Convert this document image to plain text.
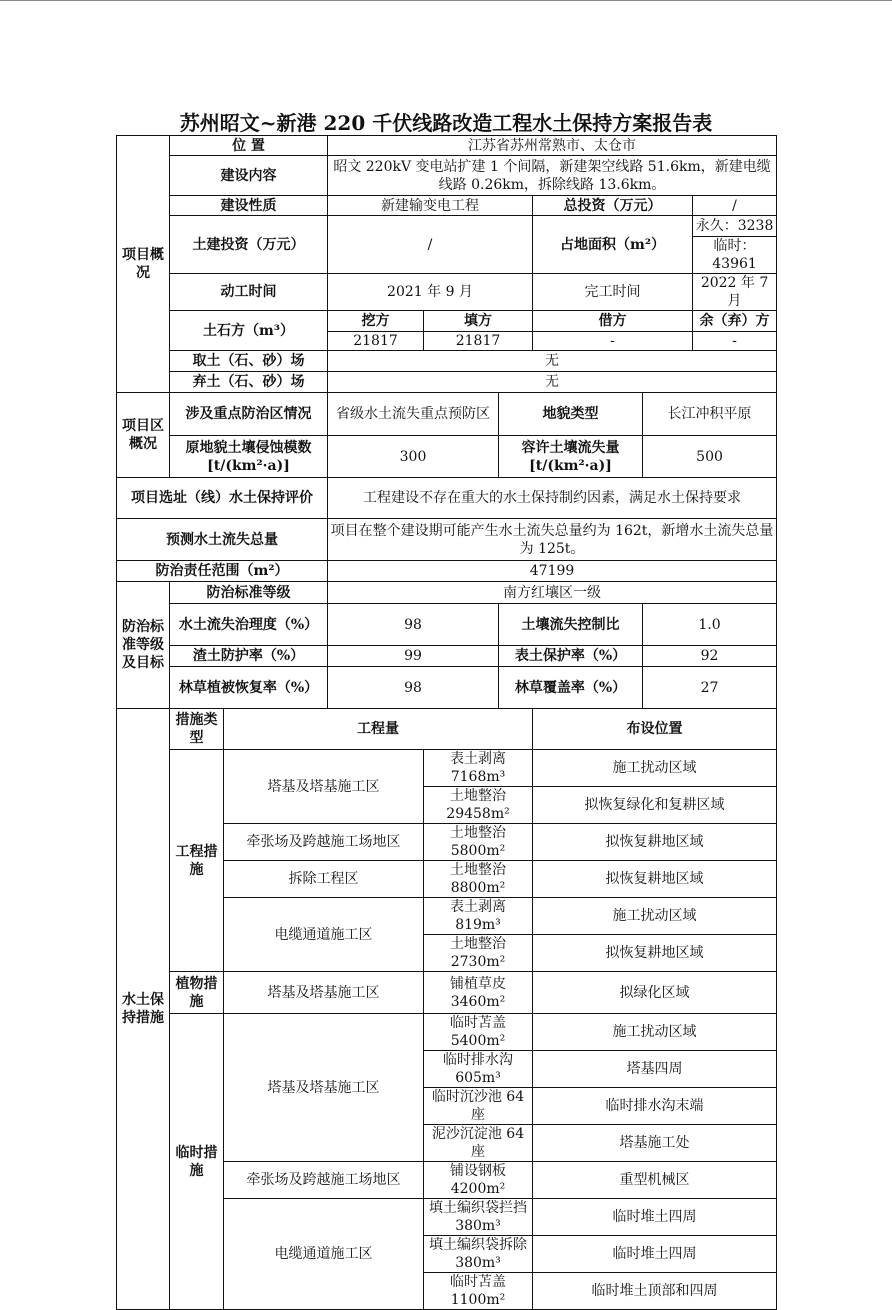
苏州昭文~新港 220 千伏线路改造工程水土保持方案报告表
项目概况	位 置		江苏省苏州常熟市、太仓市					
	建设内容		昭文 220kV 变电站扩建 1 个间隔，新建架空线路 51.6km，新建电缆线路 0.26km，拆除线路 13.6km。					
	建设性质		新建输变电工程			总投资（万元）		/
	土建投资（万元）		/			占地面积（m²）		永久：3238
								临时：43961
	动工时间		2021 年 9 月			完工时间		2022 年 7 月
	土石方（m³）		挖方	填方		借方		余（弃）方
			21817	21817		-		-
	取土（石、砂）场		无					
	弃土（石、砂）场		无					

项目区概况	涉及重点防治区情况		省级水土流失重点预防区		地貌类型		长江冲积平原	
	原地貌土壤侵蚀模数[t/(km²·a)]		300		容许土壤流失量[t/(km²·a)]		500	
项目选址（线）水土保持评价			工程建设不存在重大的水土保持制约因素，满足水土保持要求					
预测水土流失总量			项目在整个建设期可能产生水土流失总量约为 162t，新增水土流失总量为 125t。					
防治责任范围（m²）			47199					
防治标准等级及目标	防治标准等级		南方红壤区一级					
	水土流失治理度（%）		98		土壤流失控制比		1.0	
	渣土防护率（%）		99		表土保护率（%）		92	
	林草植被恢复率（%）		98		林草覆盖率（%）		27	
水土保持措施	措施类型	工程量				布设位置		
	工程措施	塔基及塔基施工区		表土剥离 7168m³		施工扰动区域		
				土地整治 29458m²		拟恢复绿化和复耕区域		
		牵张场及跨越施工场地区		土地整治 5800m²		拟恢复耕地区域		
		拆除工程区		土地整治 8800m²		拟恢复耕地区域		
		电缆通道施工区		表土剥离 819m³		施工扰动区域		
				土地整治 2730m²		拟恢复耕地区域		
	植物措施	塔基及塔基施工区		铺植草皮 3460m²		拟绿化区域		
	临时措施	塔基及塔基施工区		临时苫盖 5400m²		施工扰动区域		
				临时排水沟 605m³		塔基四周		
				临时沉沙池 64 座		临时排水沟末端		
				泥沙沉淀池 64 座		塔基施工处		
		牵张场及跨越施工场地区		铺设钢板 4200m²		重型机械区		
		电缆通道施工区		填土编织袋拦挡 380m³		临时堆土四周		
				填土编织袋拆除 380m³		临时堆土四周		
				临时苫盖 1100m²		临时堆土顶部和四周		
